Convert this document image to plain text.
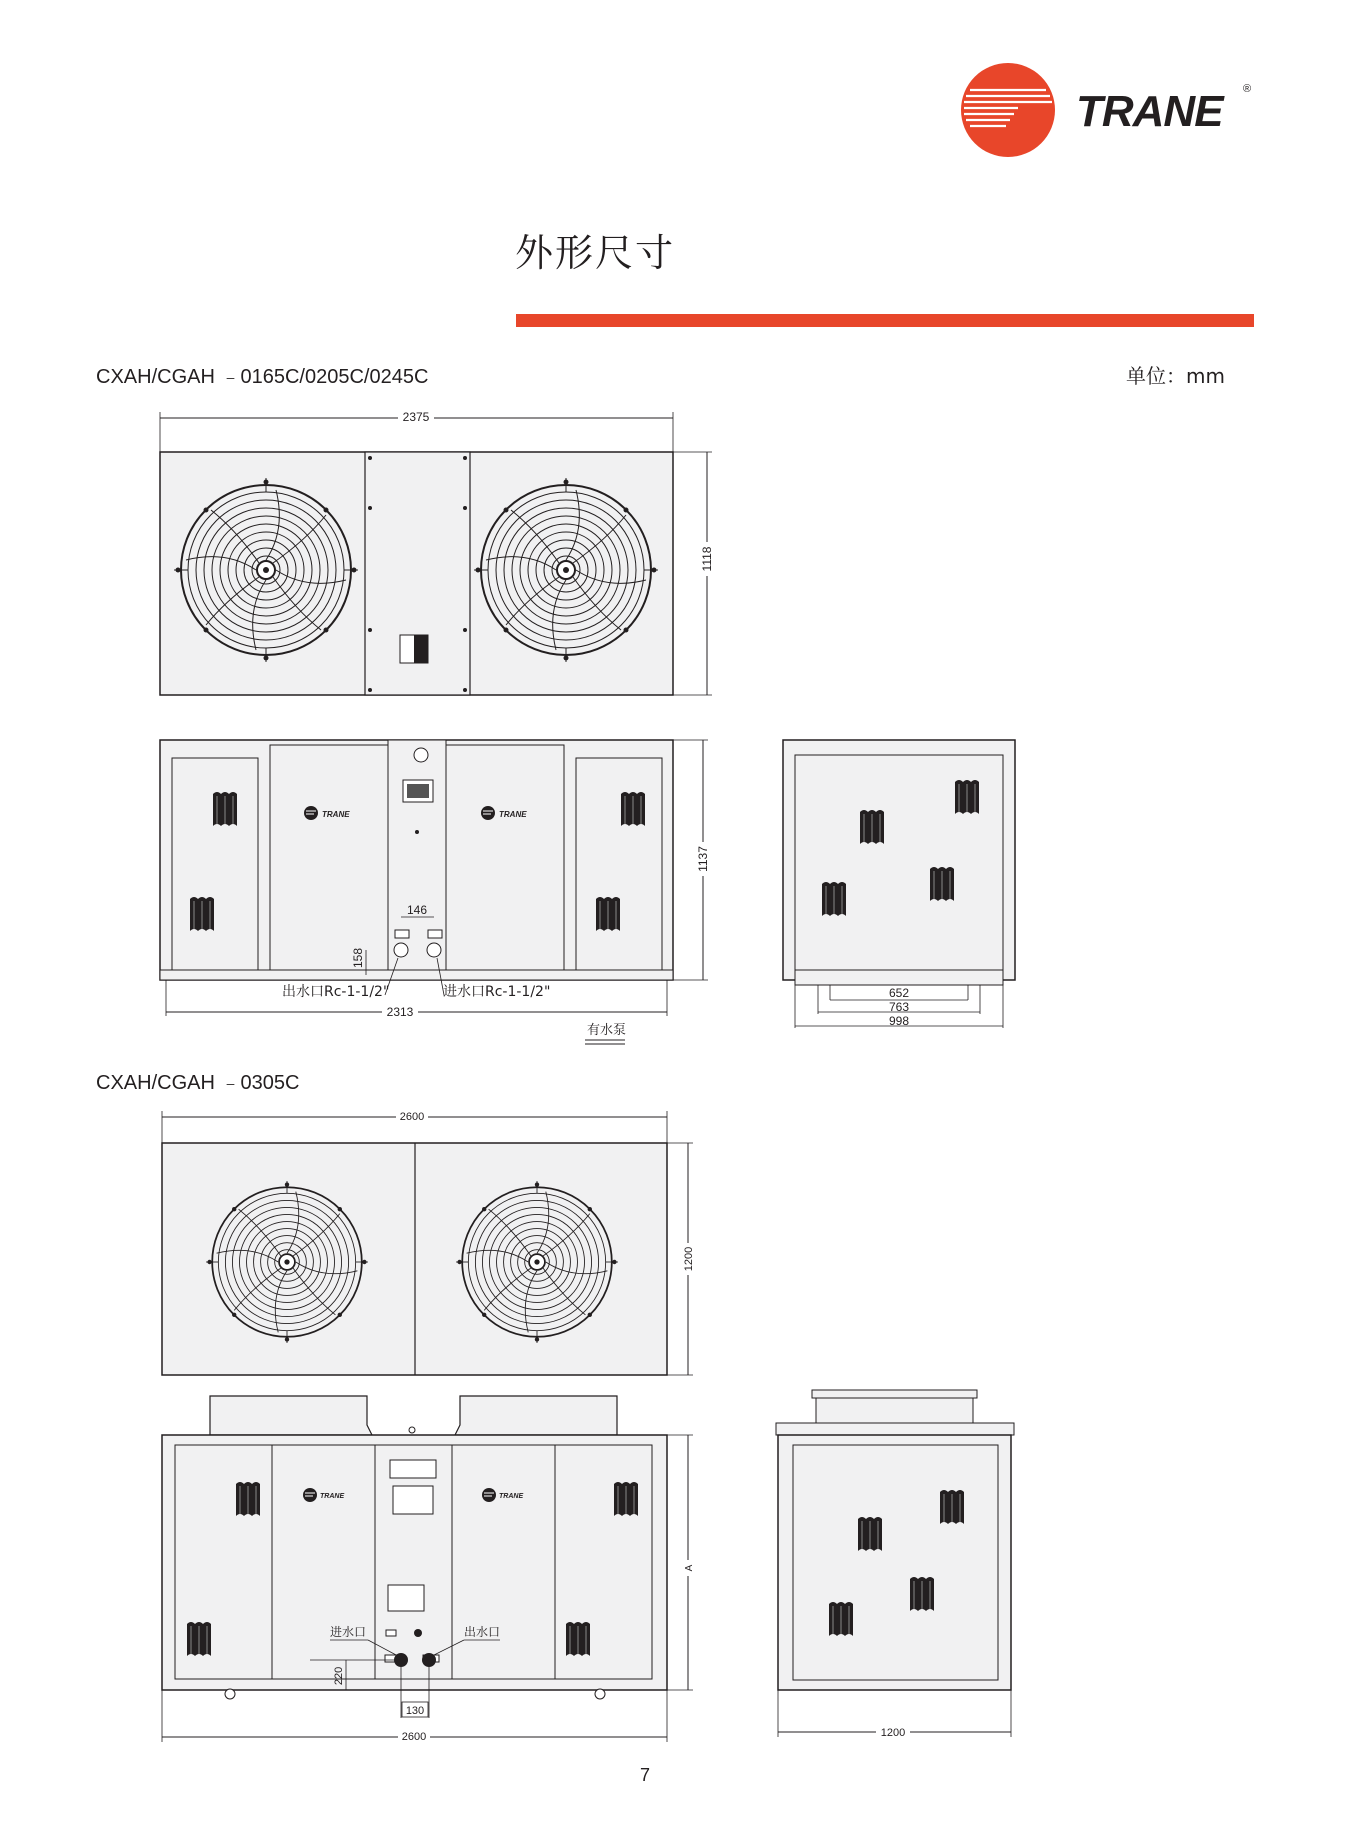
TRANE ®
外形尺寸
CXAH/CGAH ﹣0165C/0205C/0245C	单位：mm
CXAH/CGAH ﹣0305C
2375
1118
TRANE	TRANE
146
158
出水口Rc-1-1/2"	进水口Rc-1-1/2"
2313
有水泵
1137
652
763
998
2600
1200
TRANE	TRANE
进水口	出水口
220
130
2600
A
1200
7
